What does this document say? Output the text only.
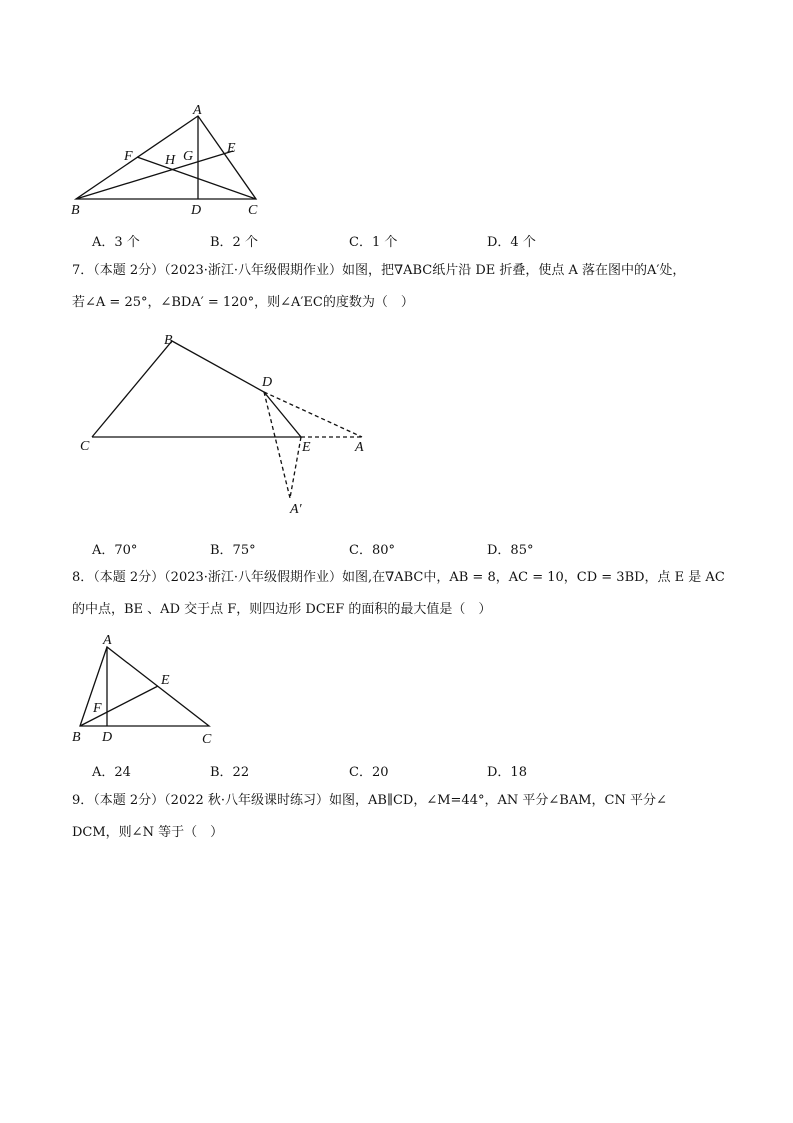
A
B	C
D
E
F	G
H
A．3 个	B．2 个	C．1 个	D．4 个
7．（本题 2分）（2023·浙江·八年级假期作业）如图，把∇ABC纸片沿 DE 折叠，使点 A 落在图中的A′处，
若∠A = 25°，∠BDA′ = 120°，则∠A′EC的度数为（　）
B
C
D
E	A
A′
A．70°	B．75°	C．80°	D．85°
8．（本题 2分）（2023·浙江·八年级假期作业）如图,在∇ABC中，AB = 8，AC = 10，CD = 3BD，点 E 是 AC
的中点，BE 、AD 交于点 F，则四边形 DCEF 的面积的最大值是（　）
A
B	C
D
E
F
A．24	B．22	C．20	D．18
9．（本题 2分）（2022 秋·八年级课时练习）如图，AB∥CD，∠M=44°，AN 平分∠BAM，CN 平分∠
DCM，则∠N 等于（　）
